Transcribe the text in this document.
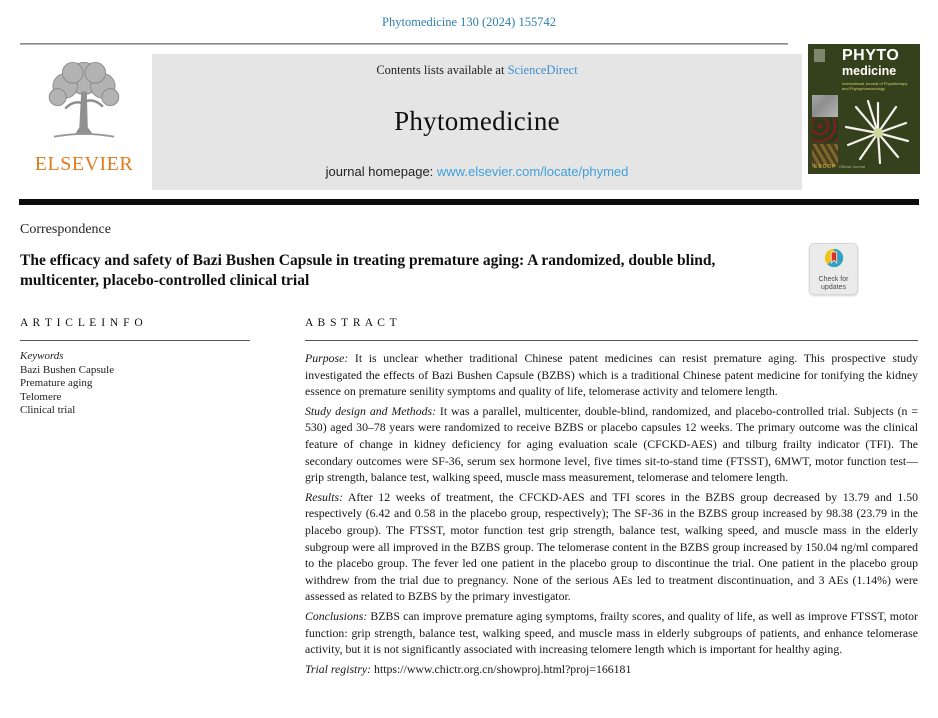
Phytomedicine 130 (2024) 155742
ELSEVIER
Contents lists available at ScienceDirect
Phytomedicine
journal homepage: www.elsevier.com/locate/phymed
PHYTO
medicine
International Journal of Phytotherapy and Phytopharmacology
ESCOP Official Journal
Correspondence
The efficacy and safety of Bazi Bushen Capsule in treating premature aging: A randomized, double blind, multicenter, placebo-controlled clinical trial	Check for
updates
A R T I C L E I N F O
Keywords
Bazi Bushen Capsule
Premature aging
Telomere
Clinical trial
A B S T R A C T

Purpose: It is unclear whether traditional Chinese patent medicines can resist premature aging. This prospective study investigated the effects of Bazi Bushen Capsule (BZBS) which is a traditional Chinese patent medicine for tonifying the kidney essence on premature senility symptoms and quality of life, telomerase activity and telomere length.

Study design and Methods: It was a parallel, multicenter, double-blind, randomized, and placebo-controlled trial. Subjects (n = 530) aged 30–78 years were randomized to receive BZBS or placebo capsules 12 weeks. The primary outcome was the clinical feature of change in kidney deficiency for aging evaluation scale (CFCKD-AES) and tilburg frailty indicator (TFI). The secondary outcomes were SF-36, serum sex hormone level, five times sit-to-stand time (FTSST), 6MWT, motor function test—grip strength, balance test, walking speed, muscle mass measurement, telomerase and telomere length.

Results: After 12 weeks of treatment, the CFCKD-AES and TFI scores in the BZBS group decreased by 13.79 and 1.50 respectively (6.42 and 0.58 in the placebo group, respectively); The SF-36 in the BZBS group increased by 98.38 (23.79 in the placebo group). The FTSST, motor function test grip strength, balance test, walking speed, and muscle mass in the elderly subgroup were all improved in the BZBS group. The telomerase content in the BZBS group increased by 150.04 ng/ml compared to the placebo group. The fever led one patient in the placebo group to discontinue the trial. One patient in the placebo group withdrew from the trial due to pregnancy. None of the serious AEs led to treatment discontinuation, and 3 AEs (1.14%) were assessed as related to BZBS by the primary investigator.

Conclusions: BZBS can improve premature aging symptoms, frailty scores, and quality of life, as well as improve FTSST, motor function: grip strength, balance test, walking speed, and muscle mass in elderly subgroups of patients, and enhance telomerase activity, but it is not significantly associated with increasing telomere length which is important for healthy aging.

Trial registry: https://www.chictr.org.cn/showproj.html?proj=166181
